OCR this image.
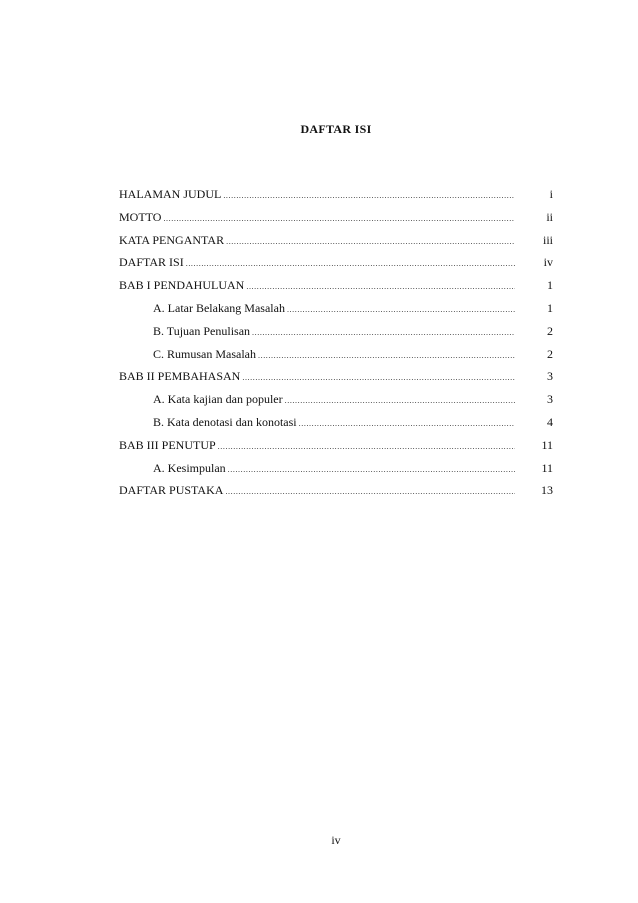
DAFTAR ISI
HALAMAN JUDUL .....	i
MOTTO .....	ii
KATA PENGANTAR .....	iii
DAFTAR ISI .....	iv
BAB I PENDAHULUAN .....	1
A. Latar Belakang Masalah .....	1
B. Tujuan Penulisan .....	2
C. Rumusan Masalah .....	2
BAB II PEMBAHASAN .....	3
A. Kata kajian dan populer .....	3
B. Kata denotasi dan konotasi .....	4
BAB III PENUTUP .....	11
A. Kesimpulan .....	11
DAFTAR PUSTAKA .....	13
iv
